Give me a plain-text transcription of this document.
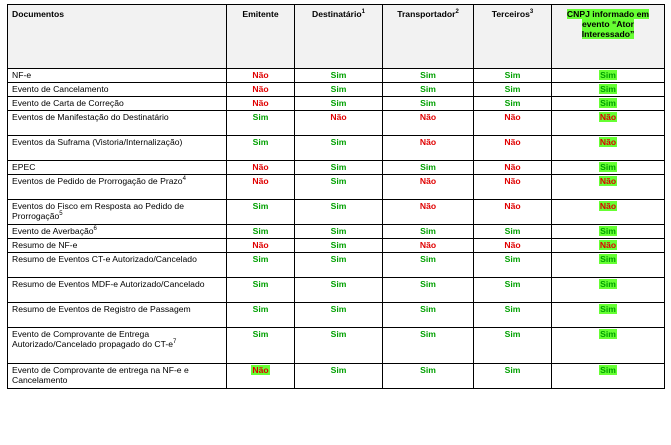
Documentos	Emitente	Destinatário$^1$	Transportador$^2$	Terceiros$^3$	CNPJ informado em evento “Ator Interessado”
NF-e	Não	Sim	Sim	Sim	Sim
Evento de Cancelamento	Não	Sim	Sim	Sim	Sim
Evento de Carta de Correção	Não	Sim	Sim	Sim	Sim
Eventos de Manifestação do Destinatário	Sim	Não	Não	Não	Não
Eventos da Suframa (Vistoria/Internalização)	Sim	Sim	Não	Não	Não
EPEC	Não	Sim	Sim	Não	Sim
Eventos de Pedido de Prorrogação de Prazo$^4$	Não	Sim	Não	Não	Não
Eventos do Fisco em Resposta ao Pedido de Prorrogação$^5$	Sim	Sim	Não	Não	Não
Evento de Averbação$^6$	Sim	Sim	Sim	Sim	Sim
Resumo de NF-e	Não	Sim	Não	Não	Não
Resumo de Eventos CT-e Autorizado/Cancelado	Sim	Sim	Sim	Sim	Sim
Resumo de Eventos MDF-e Autorizado/Cancelado	Sim	Sim	Sim	Sim	Sim
Resumo de Eventos de Registro de Passagem	Sim	Sim	Sim	Sim	Sim
Evento de Comprovante de Entrega Autorizado/Cancelado propagado do $CT-e^7$	Sim	Sim	Sim	Sim	Sim
Evento de Comprovante de entrega na NF-e e Cancelamento	Não	Sim	Sim	Sim	Sim
